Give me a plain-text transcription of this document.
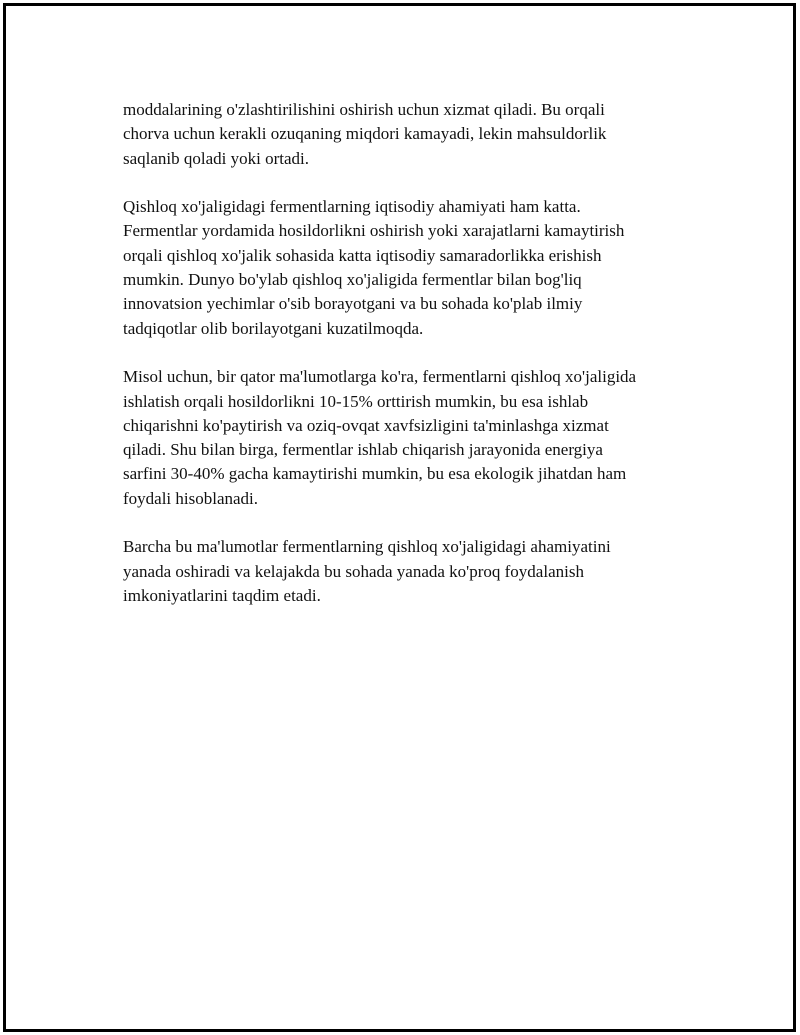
moddalarining o'zlashtirilishini oshirish uchun xizmat qiladi. Bu orqali
chorva uchun kerakli ozuqaning miqdori kamayadi, lekin mahsuldorlik
saqlanib qoladi yoki ortadi.

Qishloq xo'jaligidagi fermentlarning iqtisodiy ahamiyati ham katta.
Fermentlar yordamida hosildorlikni oshirish yoki xarajatlarni kamaytirish
orqali qishloq xo'jalik sohasida katta iqtisodiy samaradorlikka erishish
mumkin. Dunyo bo'ylab qishloq xo'jaligida fermentlar bilan bog'liq
innovatsion yechimlar o'sib borayotgani va bu sohada ko'plab ilmiy
tadqiqotlar olib borilayotgani kuzatilmoqda.

Misol uchun, bir qator ma'lumotlarga ko'ra, fermentlarni qishloq xo'jaligida
ishlatish orqali hosildorlikni 10-15% orttirish mumkin, bu esa ishlab
chiqarishni ko'paytirish va oziq-ovqat xavfsizligini ta'minlashga xizmat
qiladi. Shu bilan birga, fermentlar ishlab chiqarish jarayonida energiya
sarfini 30-40% gacha kamaytirishi mumkin, bu esa ekologik jihatdan ham
foydali hisoblanadi.

Barcha bu ma'lumotlar fermentlarning qishloq xo'jaligidagi ahamiyatini
yanada oshiradi va kelajakda bu sohada yanada ko'proq foydalanish
imkoniyatlarini taqdim etadi.
